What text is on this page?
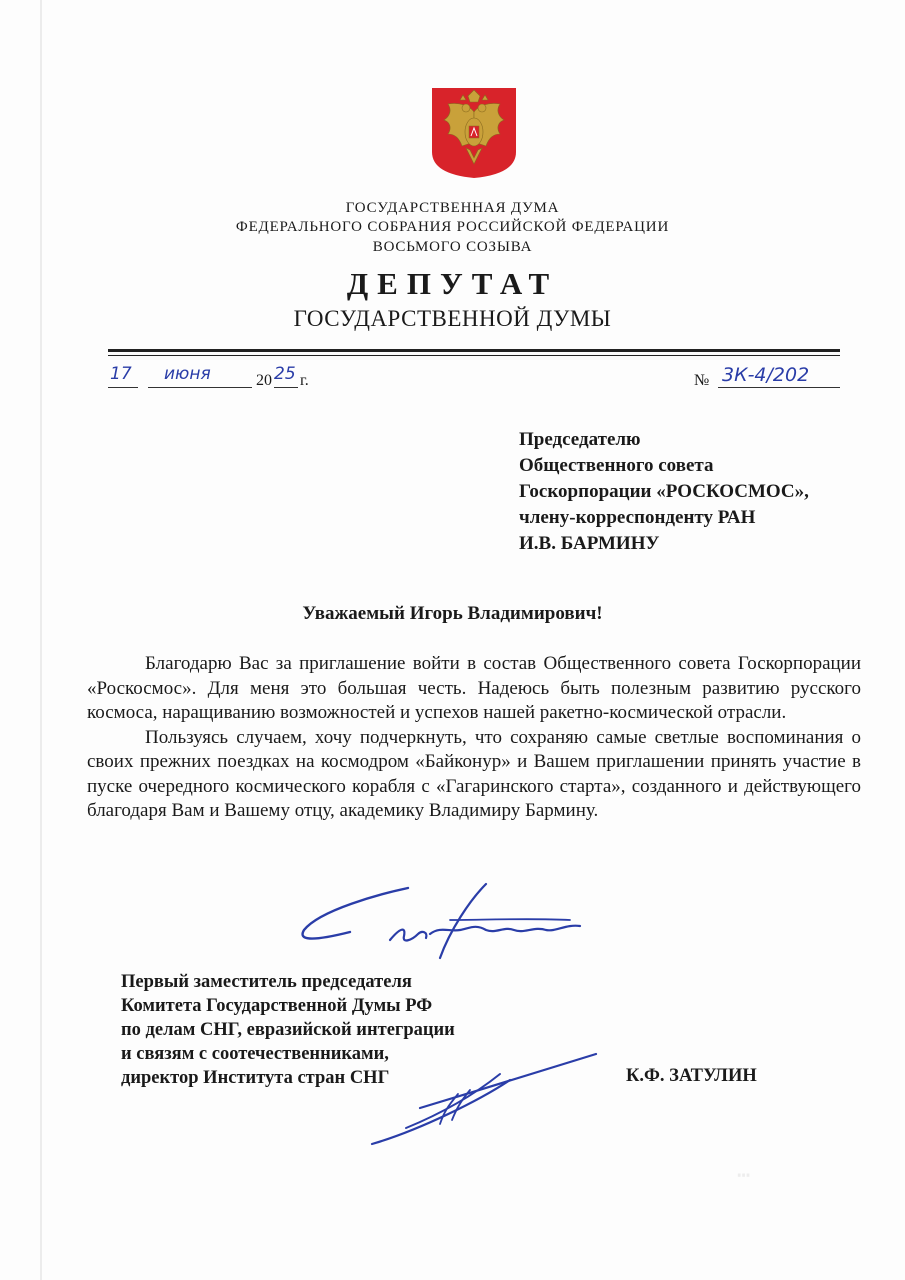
ГОСУДАРСТВЕННАЯ ДУМА
ФЕДЕРАЛЬНОГО СОБРАНИЯ РОССИЙСКОЙ ФЕДЕРАЦИИ
ВОСЬМОГО СОЗЫВА
ДЕПУТАТ
ГОСУДАРСТВЕННОЙ ДУМЫ
17 июня	20 25 г.	№ 3К-4/202
Председателю
Общественного совета
Госкорпорации «РОСКОСМОС»,
члену-корреспонденту РАН
И.В. БАРМИНУ
Уважаемый Игорь Владимирович!

Благодарю Вас за приглашение войти в состав Общественного совета Госкорпорации «Роскосмос». Для меня это большая честь. Надеюсь быть полезным развитию русского космоса, наращиванию возможностей и успехов нашей ракетно-космической отрасли.

Пользуясь случаем, хочу подчеркнуть, что сохраняю самые светлые воспоминания о своих прежних поездках на космодром «Байконур» и Вашем приглашении принять участие в пуске очередного космического корабля с «Гагаринского старта», созданного и действующего благодаря Вам и Вашему отцу, академику Владимиру Бармину.

Первый заместитель председателя
Комитета Государственной Думы РФ
по делам СНГ, евразийской интеграции
и связям с соотечественниками,
директор Института стран СНГ	К.Ф. ЗАТУЛИН
⋯
